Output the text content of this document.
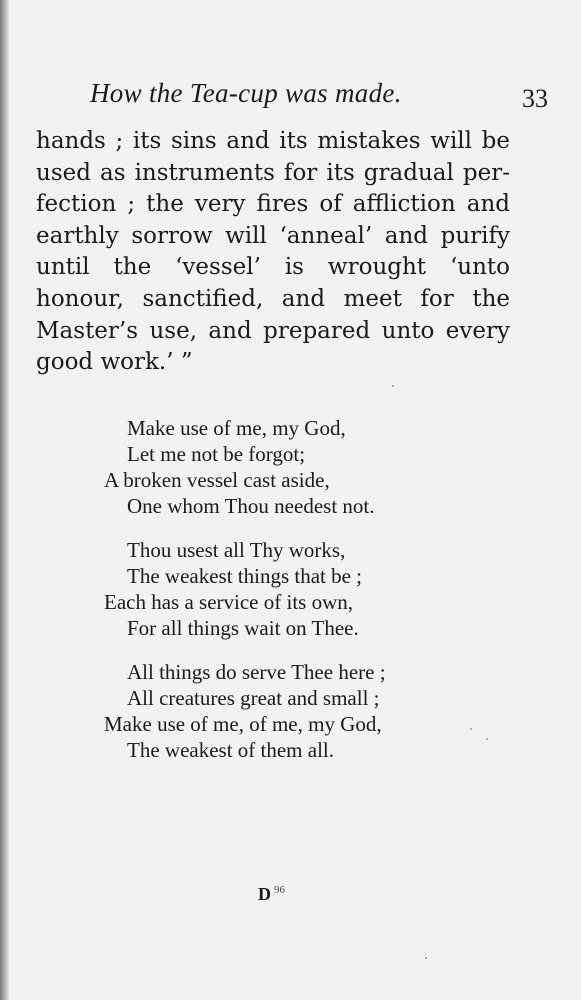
How the Tea-cup was made.	33
hands ; its sins and its mistakes will be
used as instruments for its gradual per-
fection ; the very fires of affliction and
earthly sorrow will ‘anneal’ and purify
until the ‘vessel’ is wrought ‘unto
honour, sanctified, and meet for the
Master’s use, and prepared unto every
good work.’ ”
Make use of me, my God,
Let me not be forgot;
A broken vessel cast aside,
One whom Thou needest not.
Thou usest all Thy works,
The weakest things that be ;
Each has a service of its own,
For all things wait on Thee.
All things do serve Thee here ;
All creatures great and small ;
Make use of me, of me, my God,
The weakest of them all.
D $^{96}$
